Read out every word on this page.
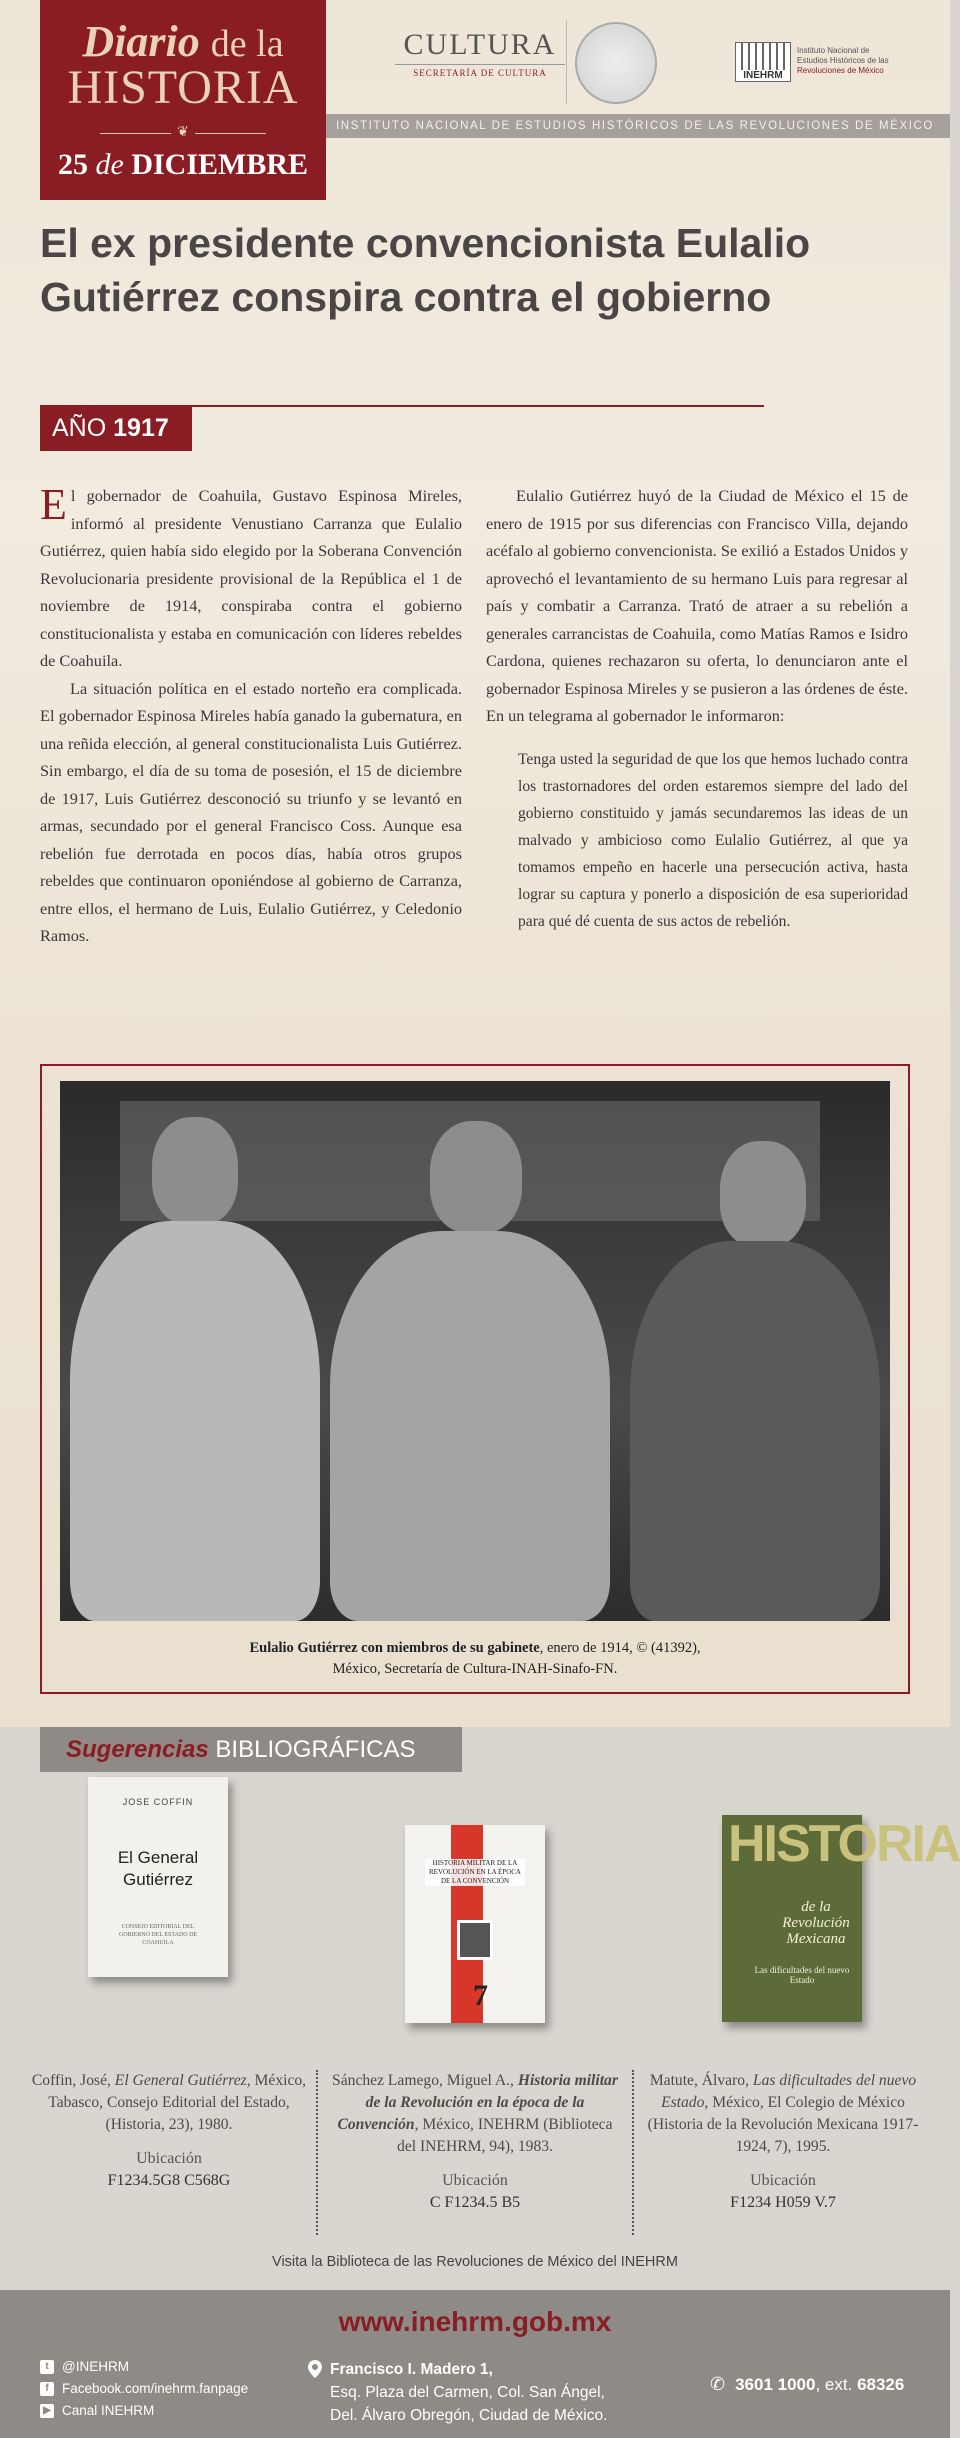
Diario de la
HISTORIA
❦
25 de DICIEMBRE
CULTURA
SECRETARÍA DE CULTURA	INEHRM
Instituto Nacional de
Estudios Históricos de las
Revoluciones de México
INSTITUTO NACIONAL DE ESTUDIOS HISTÓRICOS DE LAS REVOLUCIONES DE MÉXICO
El ex presidente convencionista Eulalio Gutiérrez conspira contra el gobierno
AÑO 1917

El gobernador de Coahuila, Gustavo Espinosa Mireles, informó al presidente Venustiano Carranza que Eulalio Gutiérrez, quien había sido elegido por la Soberana Convención Revolucionaria presidente provisional de la República el 1 de noviembre de 1914, conspiraba contra el gobierno constitucionalista y estaba en comunicación con líderes rebeldes de Coahuila.

La situación política en el estado norteño era complicada. El gobernador Espinosa Mireles había ganado la gubernatura, en una reñida elección, al general constitucionalista Luis Gutiérrez. Sin embargo, el día de su toma de posesión, el 15 de diciembre de 1917, Luis Gutiérrez desconoció su triunfo y se levantó en armas, secundado por el general Francisco Coss. Aunque esa rebelión fue derrotada en pocos días, había otros grupos rebeldes que continuaron oponiéndose al gobierno de Carranza, entre ellos, el hermano de Luis, Eulalio Gutiérrez, y Celedonio Ramos.

Eulalio Gutiérrez huyó de la Ciudad de México el 15 de enero de 1915 por sus diferencias con Francisco Villa, dejando acéfalo al gobierno convencionista. Se exilió a Estados Unidos y aprovechó el levantamiento de su hermano Luis para regresar al país y combatir a Carranza. Trató de atraer a su rebelión a generales carrancistas de Coahuila, como Matías Ramos e Isidro Cardona, quienes rechazaron su oferta, lo denunciaron ante el gobernador Espinosa Mireles y se pusieron a las órdenes de éste. En un telegrama al gobernador le informaron:

Tenga usted la seguridad de que los que hemos luchado contra los trastornadores del orden estaremos siempre del lado del gobierno constituido y jamás secundaremos las ideas de un malvado y ambicioso como Eulalio Gutiérrez, al que ya tomamos empeño en hacerle una persecución activa, hasta lograr su captura y ponerlo a disposición de esa superioridad para qué dé cuenta de sus actos de rebelión.

Eulalio Gutiérrez con miembros de su gabinete, enero de 1914, © (41392),
México, Secretaría de Cultura-INAH-Sinafo-FN.
Sugerencias BIBLIOGRÁFICAS
JOSE COFFIN
El General Gutiérrez
CONSEJO EDITORIAL DEL GOBIERNO DEL ESTADO DE COAHUILA
HISTORIA MILITAR DE LA REVOLUCIÓN EN LA ÉPOCA DE LA CONVENCIÓN
7
HISTORIA
de la Revolución Mexicana
Las dificultades del nuevo Estado
Coffin, José, El General Gutiérrez, México, Tabasco, Consejo Editorial del Estado, (Historia, 23), 1980.
Ubicación
F1234.5G8 C568G
Sánchez Lamego, Miguel A., Historia militar de la Revolución en la época de la Convención, México, INEHRM (Biblioteca del INEHRM, 94), 1983.
Ubicación
C F1234.5 B5
Matute, Álvaro, Las dificultades del nuevo Estado, México, El Colegio de México (Historia de la Revolución Mexicana 1917-1924, 7), 1995.
Ubicación
F1234 H059 V.7
Visita la Biblioteca de las Revoluciones de México del INEHRM
www.inehrm.gob.mx
t @INEHRM
f Facebook.com/inehrm.fanpage
▶ Canal INEHRM
Francisco I. Madero 1,
Esq. Plaza del Carmen, Col. San Ángel,
Del. Álvaro Obregón, Ciudad de México.
✆ 3601 1000 , ext.
68326
